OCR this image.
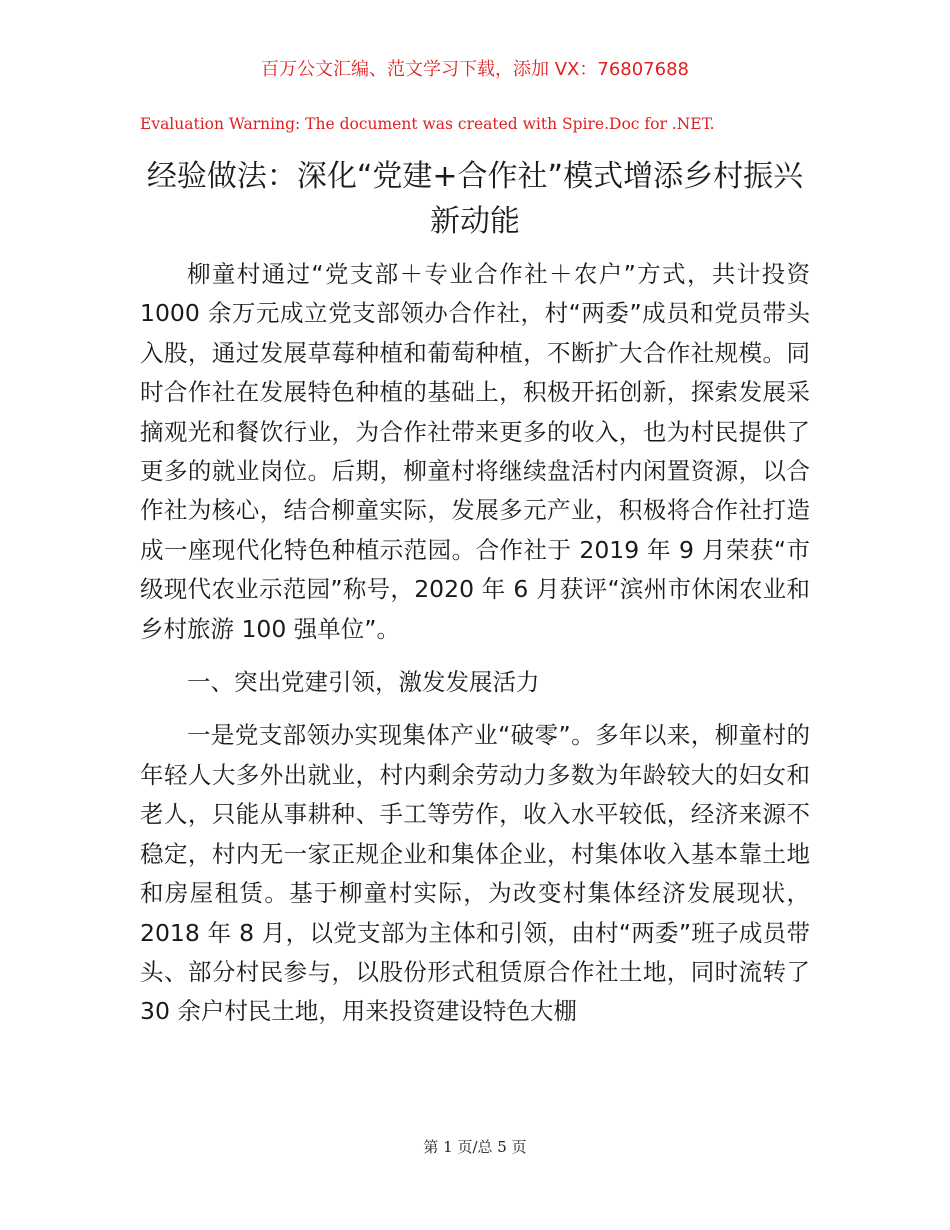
百万公文汇编、范文学习下载，添加 VX：76807688
Evaluation Warning: The document was created with Spire.Doc for .NET.
经验做法：深化“党建+合作社”模式增添乡村振兴新动能

柳童村通过“党支部＋专业合作社＋农户”方式，共计投资 1000 余万元成立党支部领办合作社，村“两委”成员和党员带头入股，通过发展草莓种植和葡萄种植，不断扩大合作社规模。同时合作社在发展特色种植的基础上，积极开拓创新，探索发展采摘观光和餐饮行业，为合作社带来更多的收入，也为村民提供了更多的就业岗位。后期，柳童村将继续盘活村内闲置资源，以合作社为核心，结合柳童实际，发展多元产业，积极将合作社打造成一座现代化特色种植示范园。合作社于 2019 年 9 月荣获“市级现代农业示范园”称号，2020 年 6 月获评“滨州市休闲农业和乡村旅游 100 强单位”。

一、突出党建引领，激发发展活力

一是党支部领办实现集体产业“破零”。多年以来，柳童村的年轻人大多外出就业，村内剩余劳动力多数为年龄较大的妇女和老人，只能从事耕种、手工等劳作，收入水平较低，经济来源不稳定，村内无一家正规企业和集体企业，村集体收入基本靠土地和房屋租赁。基于柳童村实际，为改变村集体经济发展现状，2018 年 8 月，以党支部为主体和引领，由村“两委”班子成员带头、部分村民参与，以股份形式租赁原合作社土地，同时流转了 30 余户村民土地，用来投资建设特色大棚

第 1 页/总 5 页
